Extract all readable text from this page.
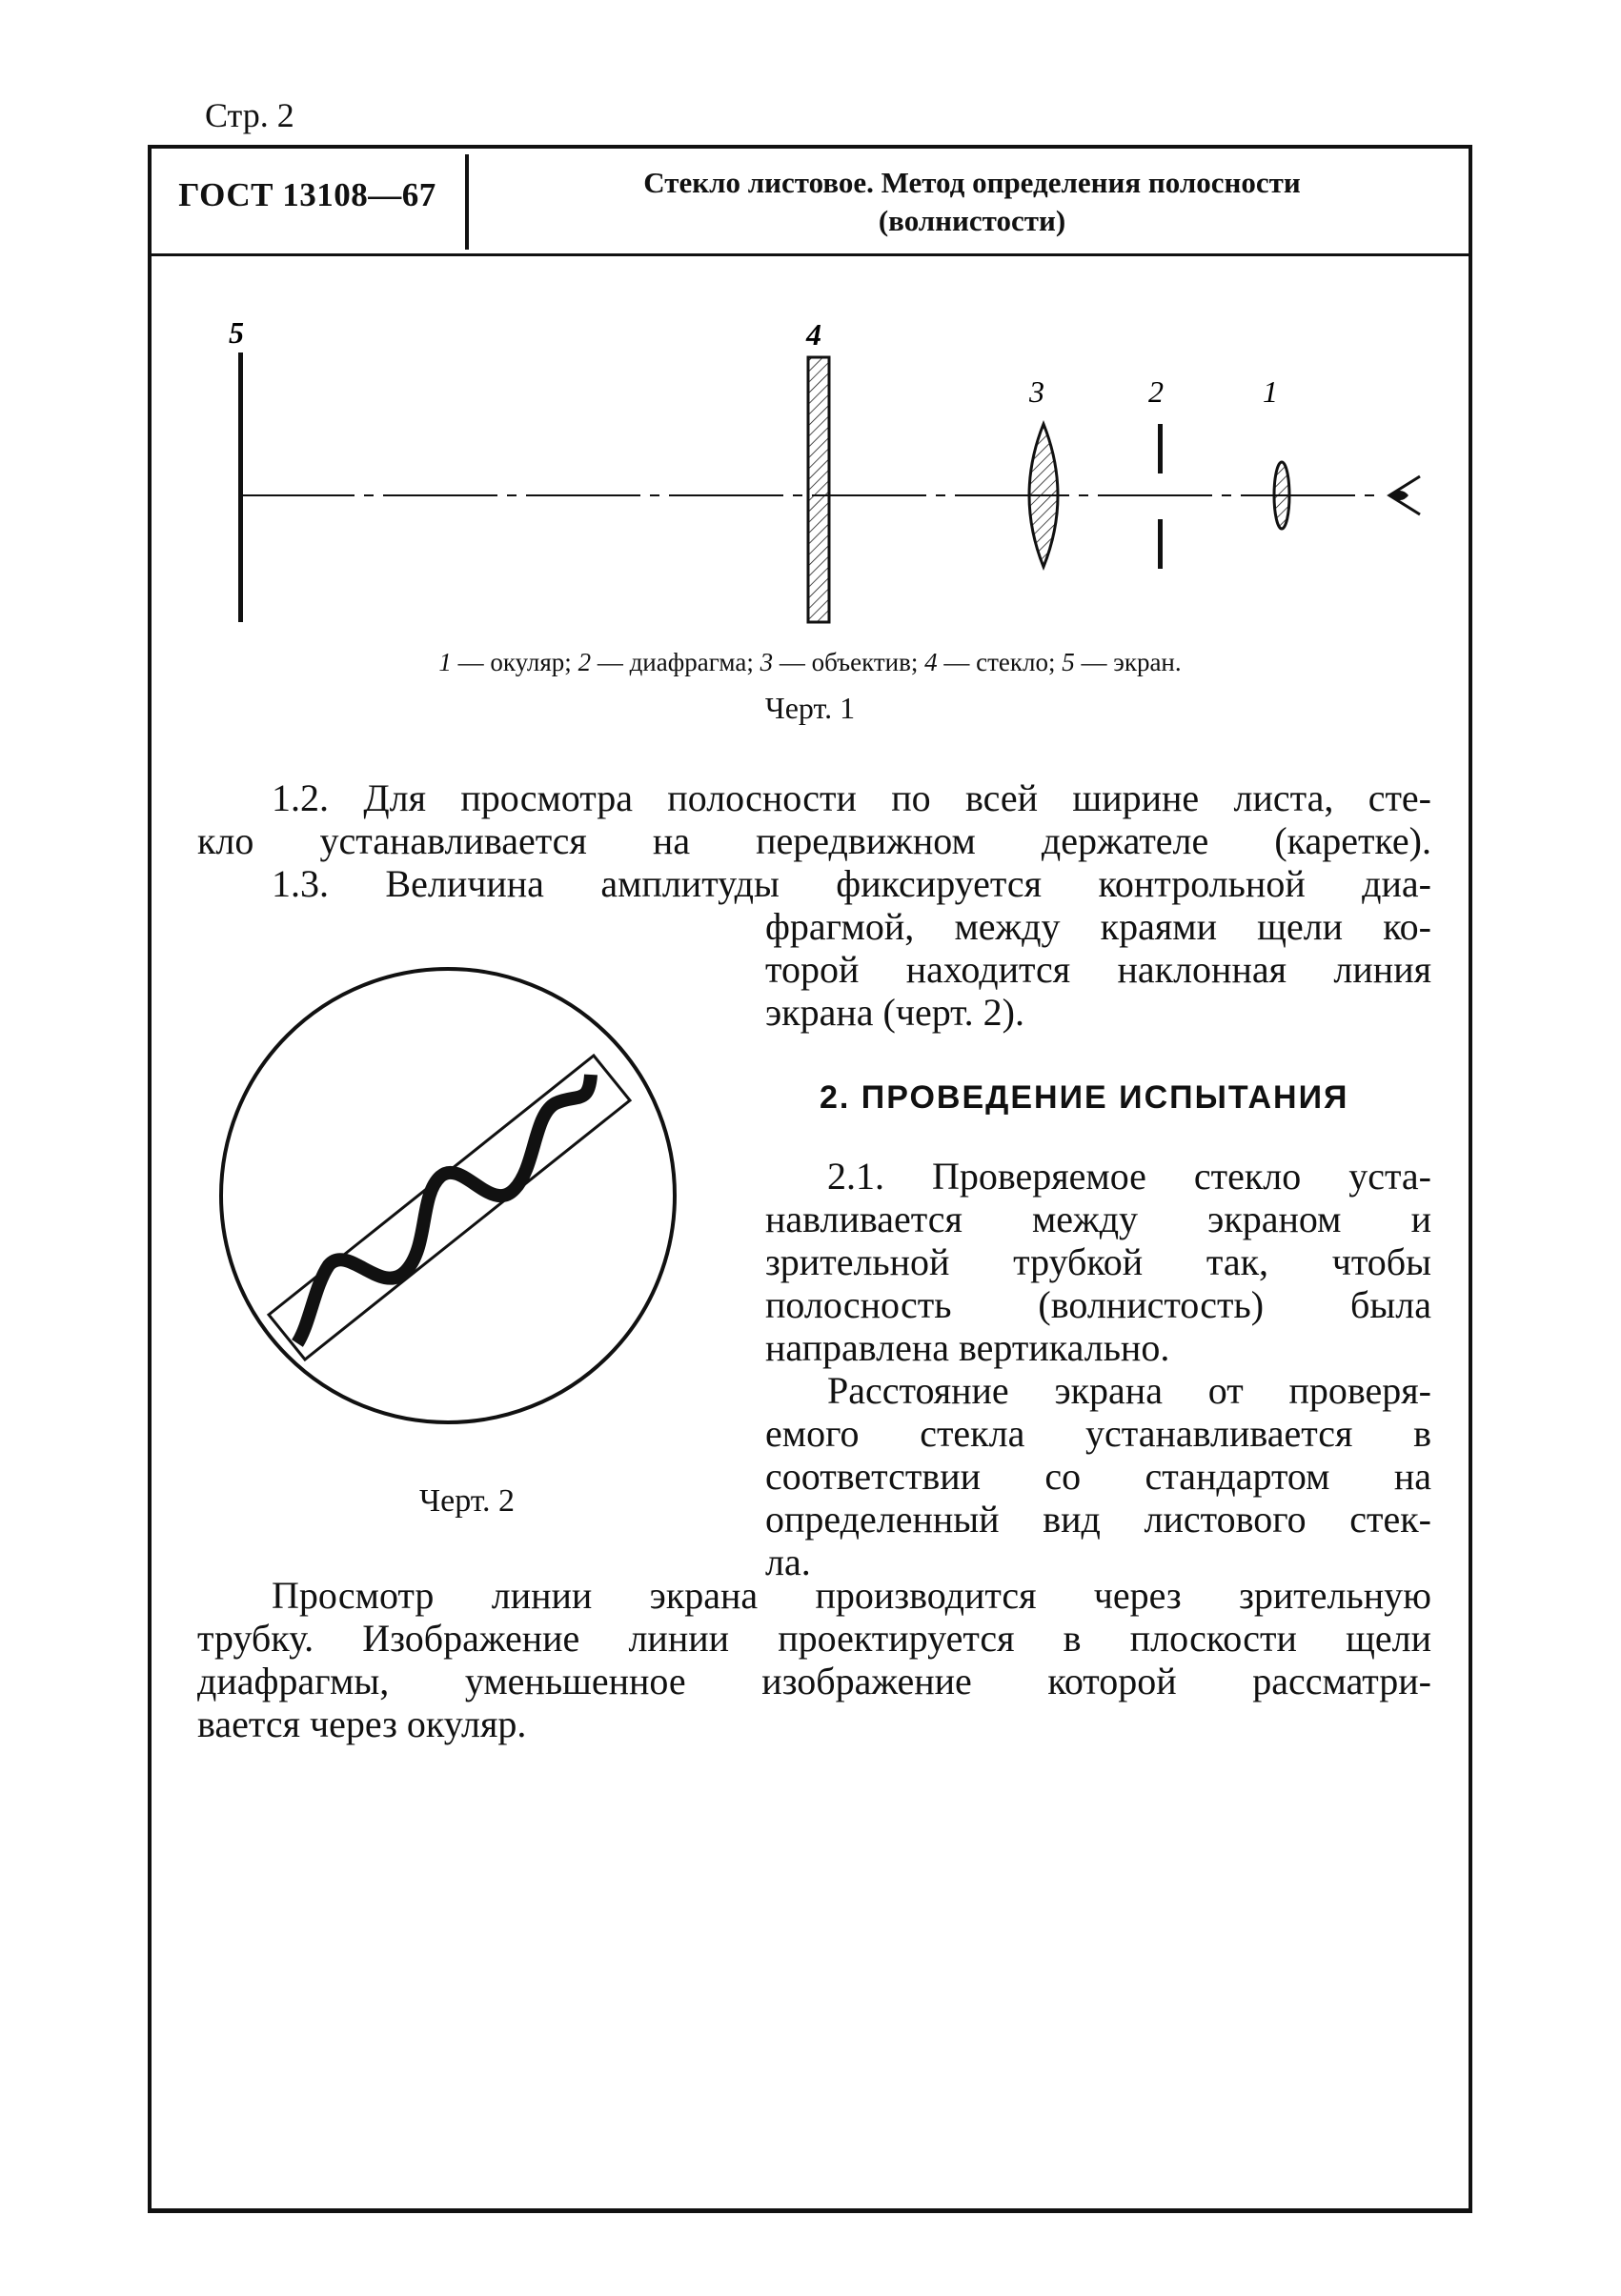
Стр. 2
ГОСТ 13108—67	Стекло листовое. Метод определения полосности
(волнистости)
5	4
3	2	1
1 — окуляр; 2 — диафрагма; 3 — объектив; 4 — стекло; 5 — экран.
Черт. 1
1.2. Для просмотра полосности по всей ширине листа, сте-
кло устанавливается на передвижном держателе (каретке).
1.3. Величина амплитуды фиксируется контрольной диа-
фрагмой, между краями щели ко-
торой находится наклонная линия
экрана (черт. 2).
Черт. 2
2. ПРОВЕДЕНИЕ ИСПЫТАНИЯ
2.1. Проверяемое стекло уста-
навливается между экраном и
зрительной трубкой так, чтобы
полосность (волнистость) была
направлена вертикально.
Расстояние экрана от проверя-
емого стекла устанавливается в
соответствии со стандартом на
определенный вид листового стек-
ла.
Просмотр линии экрана производится через зрительную
трубку. Изображение линии проектируется в плоскости щели
диафрагмы, уменьшенное изображение которой рассматри-
вается через окуляр.
